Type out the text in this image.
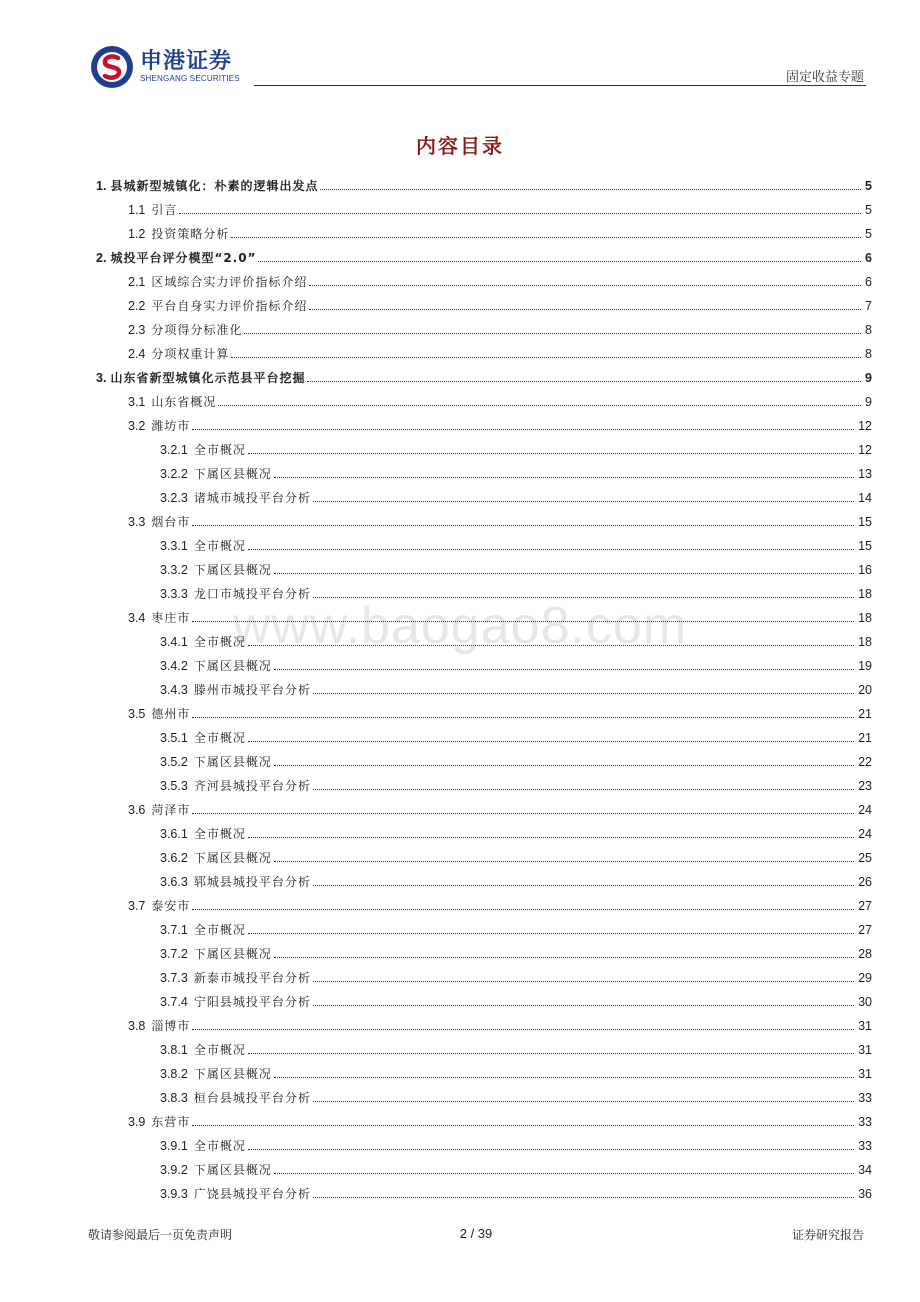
申港证券
SHENGANG SECURITIES	固定收益专题
内容目录
www.baogao8.com
1. 县城新型城镇化：朴素的逻辑出发点	5
1.1 引言	5
1.2 投资策略分析	5
2. 城投平台评分模型“2.0”	6
2.1 区域综合实力评价指标介绍	6
2.2 平台自身实力评价指标介绍	7
2.3 分项得分标准化	8
2.4 分项权重计算	8
3. 山东省新型城镇化示范县平台挖掘	9
3.1 山东省概况	9
3.2 潍坊市	12
3.2.1 全市概况	12
3.2.2 下属区县概况	13
3.2.3 诸城市城投平台分析	14
3.3 烟台市	15
3.3.1 全市概况	15
3.3.2 下属区县概况	16
3.3.3 龙口市城投平台分析	18
3.4 枣庄市	18
3.4.1 全市概况	18
3.4.2 下属区县概况	19
3.4.3 滕州市城投平台分析	20
3.5 德州市	21
3.5.1 全市概况	21
3.5.2 下属区县概况	22
3.5.3 齐河县城投平台分析	23
3.6 菏泽市	24
3.6.1 全市概况	24
3.6.2 下属区县概况	25
3.6.3 郓城县城投平台分析	26
3.7 泰安市	27
3.7.1 全市概况	27
3.7.2 下属区县概况	28
3.7.3 新泰市城投平台分析	29
3.7.4 宁阳县城投平台分析	30
3.8 淄博市	31
3.8.1 全市概况	31
3.8.2 下属区县概况	31
3.8.3 桓台县城投平台分析	33
3.9 东营市	33
3.9.1 全市概况	33
3.9.2 下属区县概况	34
3.9.3 广饶县城投平台分析	36
敬请参阅最后一页免责声明	2 / 39	证券研究报告
